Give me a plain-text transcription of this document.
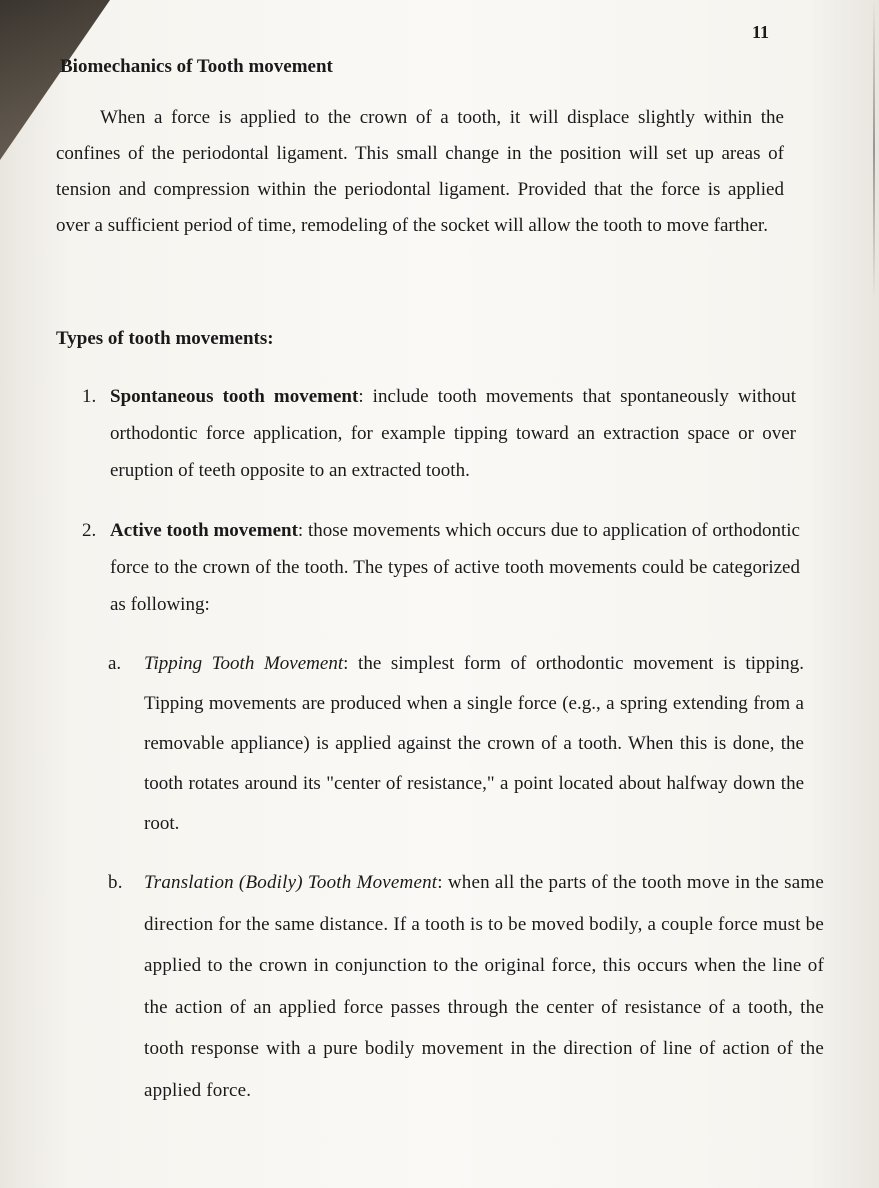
11
Biomechanics of Tooth movement
When a force is applied to the crown of a tooth, it will displace slightly within the confines of the periodontal ligament. This small change in the position will set up areas of tension and compression within the periodontal ligament. Provided that the force is applied over a sufficient period of time, remodeling of the socket will allow the tooth to move farther.
Types of tooth movements:
1. Spontaneous tooth movement: include tooth movements that spontaneously without orthodontic force application, for example tipping toward an extraction space or over eruption of teeth opposite to an extracted tooth.
2. Active tooth movement: those movements which occurs due to application of orthodontic force to the crown of the tooth. The types of active tooth movements could be categorized as following:
a. Tipping Tooth Movement: the simplest form of orthodontic movement is tipping. Tipping movements are produced when a single force (e.g., a spring extending from a removable appliance) is applied against the crown of a tooth. When this is done, the tooth rotates around its "center of resistance," a point located about halfway down the root.
b. Translation (Bodily) Tooth Movement: when all the parts of the tooth move in the same direction for the same distance. If a tooth is to be moved bodily, a couple force must be applied to the crown in conjunction to the original force, this occurs when the line of the action of an applied force passes through the center of resistance of a tooth, the tooth response with a pure bodily movement in the direction of line of action of the applied force.
